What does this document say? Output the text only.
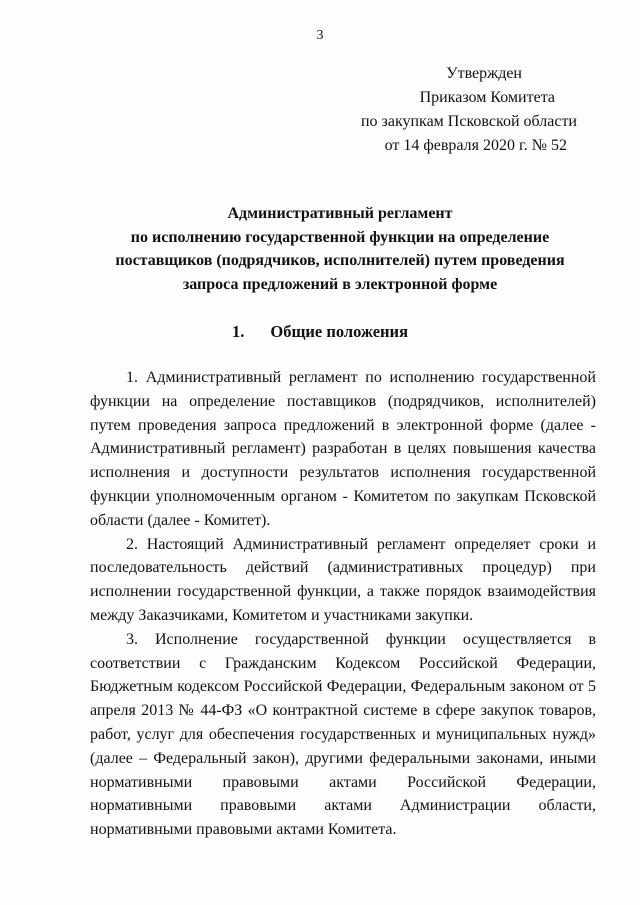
3
Утвержден
Приказом Комитета
по закупкам Псковской области
от 14 февраля 2020 г. № 52
Административный регламент
по исполнению государственной функции на определение
поставщиков (подрядчиков, исполнителей) путем проведения
запроса предложений в электронной форме
1. Общие положения

1. Административный регламент по исполнению государственной функции на определение поставщиков (подрядчиков, исполнителей) путем проведения запроса предложений в электронной форме (далее - Административный регламент) разработан в целях повышения качества исполнения и доступности результатов исполнения государственной функции уполномоченным органом - Комитетом по закупкам Псковской области (далее - Комитет).

2. Настоящий Административный регламент определяет сроки и последовательность действий (административных процедур) при исполнении государственной функции, а также порядок взаимодействия между Заказчиками, Комитетом и участниками закупки.

3. Исполнение государственной функции осуществляется в соответствии с Гражданским Кодексом Российской Федерации, Бюджетным кодексом Российской Федерации, Федеральным законом от 5 апреля 2013 № 44-ФЗ «О контрактной системе в сфере закупок товаров, работ, услуг для обеспечения государственных и муниципальных нужд» (далее – Федеральный закон), другими федеральными законами, иными нормативными правовыми актами Российской Федерации, нормативными правовыми актами Администрации области, нормативными правовыми актами Комитета.
